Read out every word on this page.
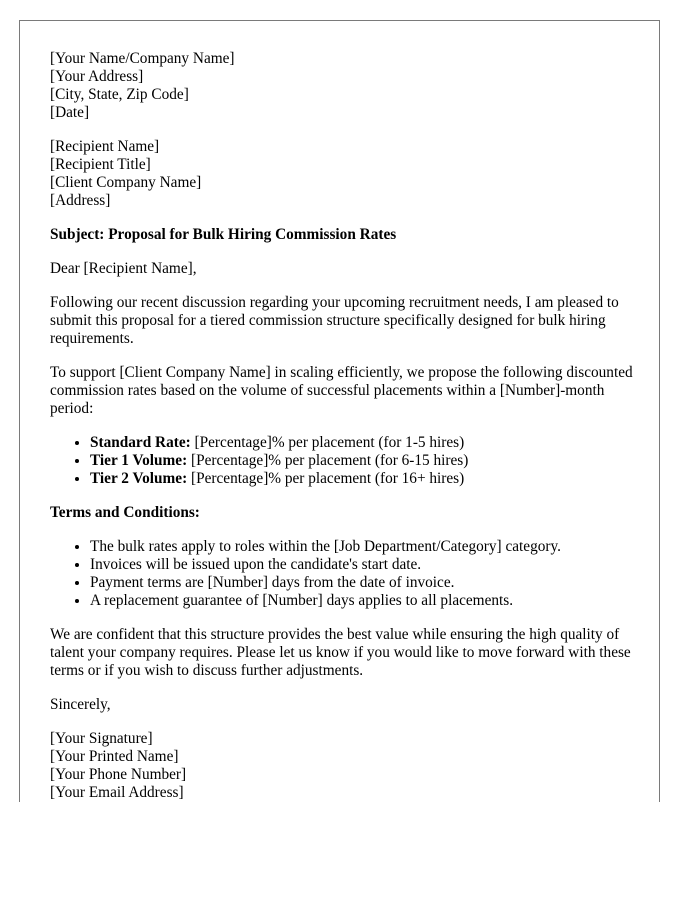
[Your Name/Company Name]
[Your Address]
[City, State, Zip Code]
[Date]
[Recipient Name]
[Recipient Title]
[Client Company Name]
[Address]

Subject: Proposal for Bulk Hiring Commission Rates

Dear [Recipient Name],

Following our recent discussion regarding your upcoming recruitment needs, I am pleased to submit this proposal for a tiered commission structure specifically designed for bulk hiring requirements.

To support [Client Company Name] in scaling efficiently, we propose the following discounted commission rates based on the volume of successful placements within a [Number]-month period:

• Standard Rate: [Percentage]% per placement (for 1-5 hires)
• Tier 1 Volume: [Percentage]% per placement (for 6-15 hires)
• Tier 2 Volume: [Percentage]% per placement (for 16+ hires)

Terms and Conditions:

• The bulk rates apply to roles within the [Job Department/Category] category.
• Invoices will be issued upon the candidate's start date.
• Payment terms are [Number] days from the date of invoice.
• A replacement guarantee of [Number] days applies to all placements.

We are confident that this structure provides the best value while ensuring the high quality of talent your company requires. Please let us know if you would like to move forward with these terms or if you wish to discuss further adjustments.

Sincerely,

[Your Signature]
[Your Printed Name]
[Your Phone Number]
[Your Email Address]
